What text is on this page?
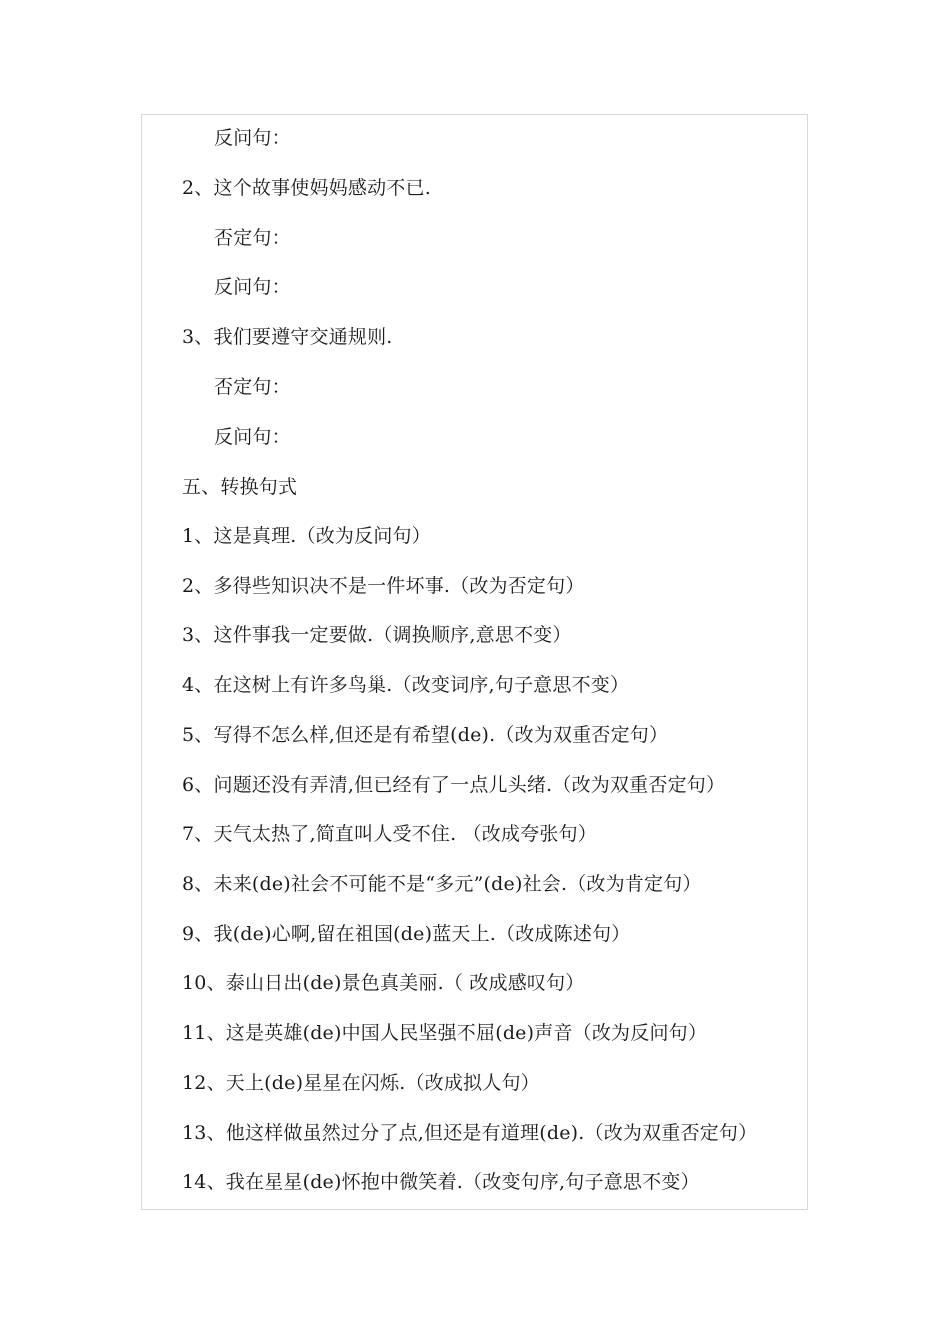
反问句：
2、这个故事使妈妈感动不已.
否定句：
反问句：
3、我们要遵守交通规则.
否定句：
反问句：
五、转换句式
1、这是真理.（改为反问句）
2、多得些知识决不是一件坏事.（改为否定句）
3、这件事我一定要做.（调换顺序,意思不变）
4、在这树上有许多鸟巢.（改变词序,句子意思不变）
5、写得不怎么样,但还是有希望(de).（改为双重否定句）
6、问题还没有弄清,但已经有了一点儿头绪.（改为双重否定句）
7、天气太热了,简直叫人受不住. （改成夸张句）
8、未来(de)社会不可能不是“多元”(de)社会.（改为肯定句）
9、我(de)心啊,留在祖国(de)蓝天上.（改成陈述句）
10、泰山日出(de)景色真美丽.（ 改成感叹句）
11、这是英雄(de)中国人民坚强不屈(de)声音（改为反问句）
12、天上(de)星星在闪烁.（改成拟人句）
13、他这样做虽然过分了点,但还是有道理(de).（改为双重否定句）
14、我在星星(de)怀抱中微笑着.（改变句序,句子意思不变）
